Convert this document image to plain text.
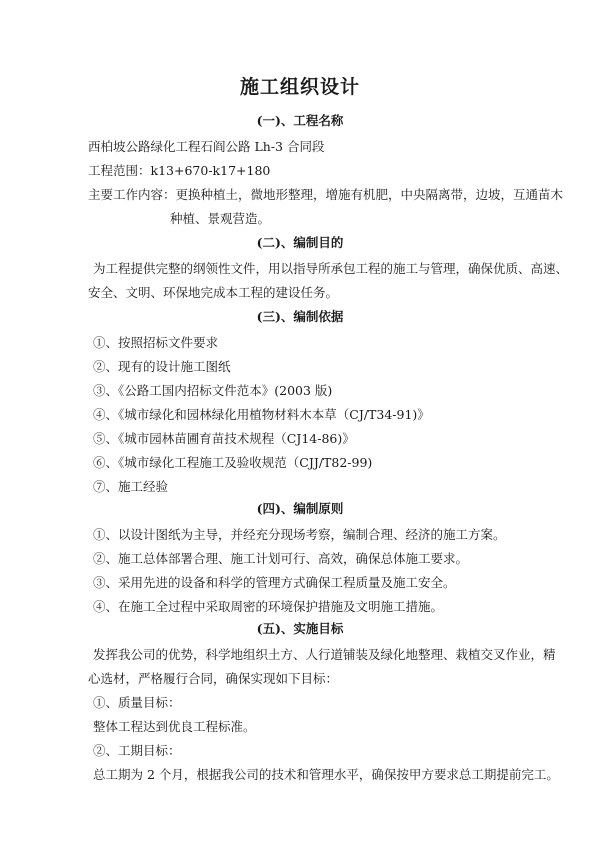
施工组织设计
(一)、工程名称
西柏坡公路绿化工程石阎公路 Lh-3 合同段
工程范围：k13+670-k17+180
主要工作内容：更换种植土，微地形整理，增施有机肥，中央隔离带，边坡，互通苗木
种植、景观营造。
(二)、编制目的
为工程提供完整的纲领性文件，用以指导所承包工程的施工与管理，确保优质、高速、
安全、文明、环保地完成本工程的建设任务。
(三)、编制依据
①、按照招标文件要求
②、现有的设计施工图纸
③、《公路工国内招标文件范本》(2003 版)
④、《城市绿化和园林绿化用植物材料木本草（CJ/T34-91)》
⑤、《城市园林苗圃育苗技术规程（CJ14-86)》
⑥、《城市绿化工程施工及验收规范（CJJ/T82-99)
⑦、施工经验
(四)、编制原则
①、以设计图纸为主导，并经充分现场考察，编制合理、经济的施工方案。
②、施工总体部署合理、施工计划可行、高效，确保总体施工要求。
③、采用先进的设备和科学的管理方式确保工程质量及施工安全。
④、在施工全过程中采取周密的环境保护措施及文明施工措施。
(五)、实施目标
发挥我公司的优势，科学地组织土方、人行道铺装及绿化地整理、栽植交叉作业，精
心选材，严格履行合同，确保实现如下目标：
①、质量目标：
整体工程达到优良工程标准。
②、工期目标：
总工期为 2 个月，根据我公司的技术和管理水平，确保按甲方要求总工期提前完工。
